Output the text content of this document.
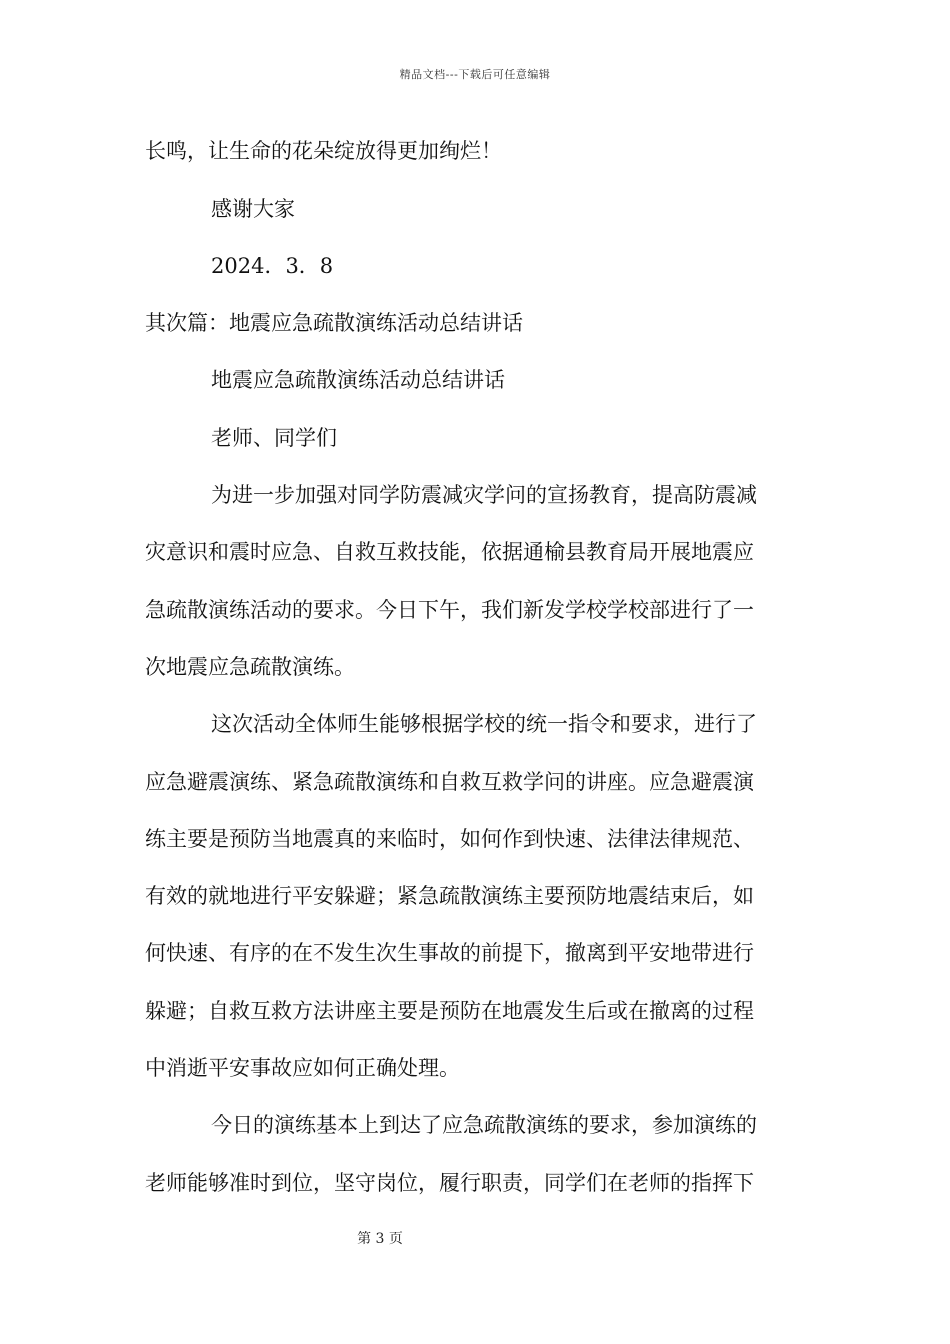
精品文档---下载后可任意编辑
长鸣，让生命的花朵绽放得更加绚烂！
感谢大家
2024．3．8
其次篇：地震应急疏散演练活动总结讲话
地震应急疏散演练活动总结讲话
老师、同学们
为进一步加强对同学防震减灾学问的宣扬教育，提高防震减
灾意识和震时应急、自救互救技能，依据通榆县教育局开展地震应
急疏散演练活动的要求。今日下午，我们新发学校学校部进行了一
次地震应急疏散演练。
这次活动全体师生能够根据学校的统一指令和要求，进行了
应急避震演练、紧急疏散演练和自救互救学问的讲座。应急避震演
练主要是预防当地震真的来临时，如何作到快速、法律法律规范、
有效的就地进行平安躲避；紧急疏散演练主要预防地震结束后，如
何快速、有序的在不发生次生事故的前提下，撤离到平安地带进行
躲避；自救互救方法讲座主要是预防在地震发生后或在撤离的过程
中消逝平安事故应如何正确处理。
今日的演练基本上到达了应急疏散演练的要求，参加演练的
老师能够准时到位，坚守岗位，履行职责，同学们在老师的指挥下
第 3 页
